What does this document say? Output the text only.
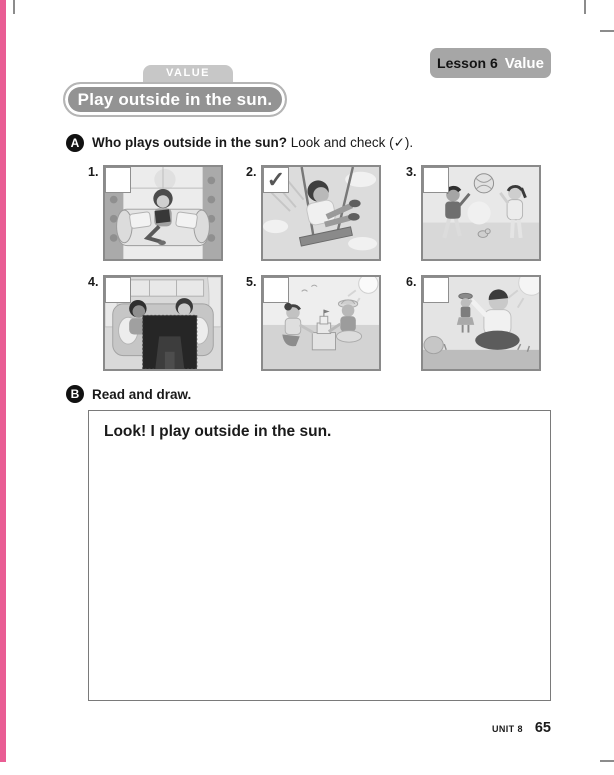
Lesson 6 Value
VALUE
Play outside in the sun.
A Who plays outside in the sun? Look and check (✓).
1.	2. ✓	3.
4.	5.	6.
B Read and draw.
Look! I play outside in the sun.
UNIT 8 65
